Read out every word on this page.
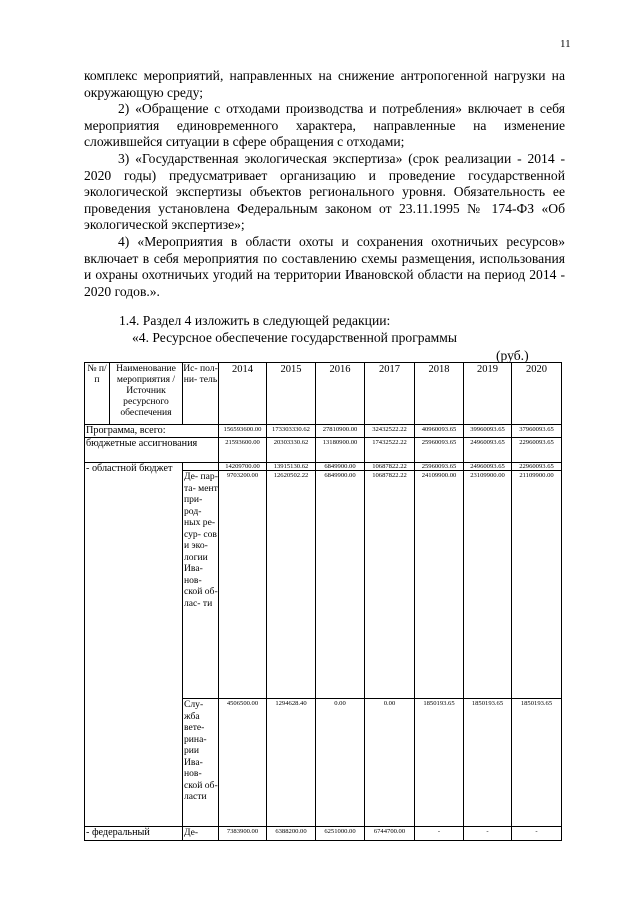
11

комплекс мероприятий, направленных на снижение антропогенной нагрузки на окружающую среду;

2) «Обращение с отходами производства и потребления» включает в себя мероприятия единовременного характера, направленные на изменение сложившейся ситуации в сфере обращения с отходами;

3) «Государственная экологическая экспертиза» (срок реализации - 2014 - 2020 годы) предусматривает организацию и проведение государственной экологической экспертизы объектов регионального уровня. Обязательность ее проведения установлена Федеральным законом от 23.11.1995 № 174-ФЗ «Об экологической экспертизе»;

4) «Мероприятия в области охоты и сохранения охотничьих ресурсов» включает в себя мероприятия по составлению схемы размещения, использования и охраны охотничьих угодий на территории Ивановской области на период 2014 - 2020 годов.».

1.4. Раздел 4 изложить в следующей редакции:
«4. Ресурсное обеспечение государственной программы
(руб.)
№ п/п	Наименование мероприятия / Источник ресурсного обеспечения	Ис- пол- ни- тель	2014	2015	2016	2017	2018	2019	2020
Программа, всего:			156593600.00	173303330.62	27810900.00	32432522.22	40960093.65	39960093.65	37960093.65
бюджетные ассигнования			21593600.00	20303330.62	13180900.00	17432522.22	25960093.65	24960093.65	22960093.65
- областной бюджет			14209700.00	13915130.62	6849900.00	10687822.22	25960093.65	24960093.65	22960093.65
		Де- пар- та- мент при- род- ных ре- сур- сов и эко- логии Ива- нов- ской об- лас- ти	9703200.00	12620502.22	6849900.00	10687822.22	24109900.00	23109900.00	21109900.00
		Слу- жба вете- рина- рии Ива- нов- ской об- ласти	4506500.00	1294628.40	0.00	0.00	1850193.65	1850193.65	1850193.65
- федеральный		Де-	7383900.00	6388200.00	6251000.00	6744700.00	-	-	-
